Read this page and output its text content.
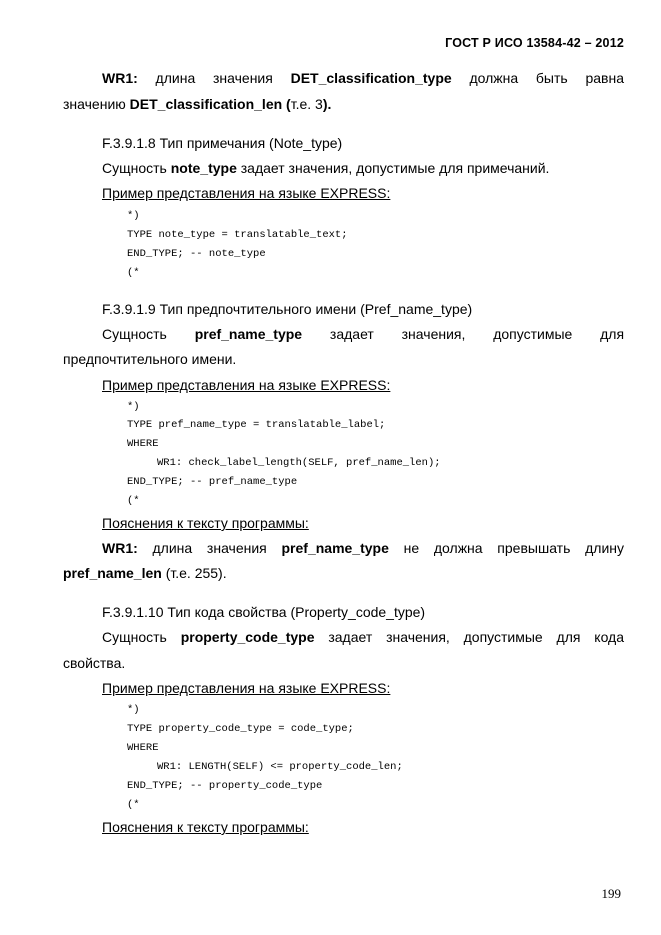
ГОСТ Р ИСО 13584-42 – 2012
WR1: длина значения DET_classification_type должна быть равна
значению DET_classification_len (т.е. 3).
F.3.9.1.8 Тип примечания (Note_type)
Сущность note_type задает значения, допустимые для примечаний.
Пример представления на языке EXPRESS:
*)
TYPE note_type = translatable_text;
END_TYPE; -- note_type
(*
F.3.9.1.9 Тип предпочтительного имени (Pref_name_type)
Сущность pref_name_type задает значения, допустимые для
предпочтительного имени.
Пример представления на языке EXPRESS:
*)
TYPE pref_name_type = translatable_label;
WHERE
WR1: check_label_length(SELF, pref_name_len);
END_TYPE; -- pref_name_type
(*
Пояснения к тексту программы:
WR1: длина значения pref_name_type не должна превышать длину
pref_name_len (т.е. 255).
F.3.9.1.10 Тип кода свойства (Property_code_type)
Сущность property_code_type задает значения, допустимые для кода
свойства.
Пример представления на языке EXPRESS:
*)
TYPE property_code_type = code_type;
WHERE
WR1: LENGTH(SELF) <= property_code_len;
END_TYPE; -- property_code_type
(*
Пояснения к тексту программы:
199
